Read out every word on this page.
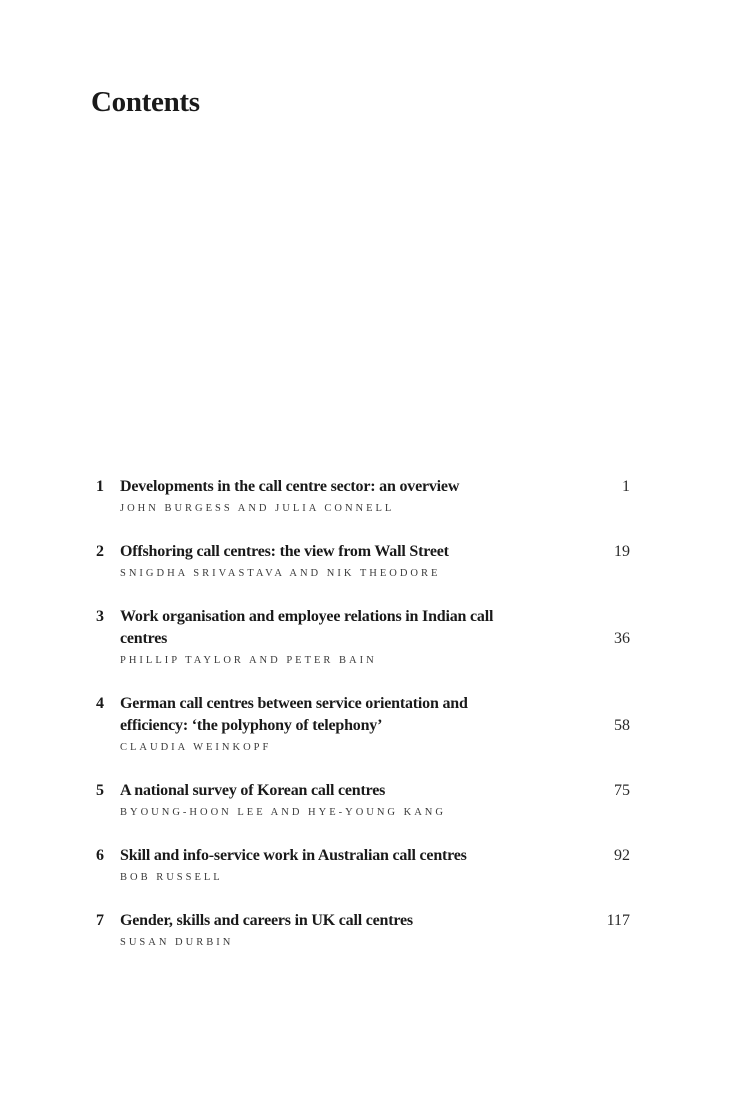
Contents
1	Developments in the call centre sector: an overview	1
JOHN BURGESS AND JULIA CONNELL
2	Offshoring call centres: the view from Wall Street	19
SNIGDHA SRIVASTAVA AND NIK THEODORE
3	Work organisation and employee relations in Indian call centres	36
PHILLIP TAYLOR AND PETER BAIN
4	German call centres between service orientation and efficiency: ‘the polyphony of telephony’	58
CLAUDIA WEINKOPF
5	A national survey of Korean call centres	75
BYOUNG-HOON LEE AND HYE-YOUNG KANG
6	Skill and info-service work in Australian call centres	92
BOB RUSSELL
7	Gender, skills and careers in UK call centres	117
SUSAN DURBIN
